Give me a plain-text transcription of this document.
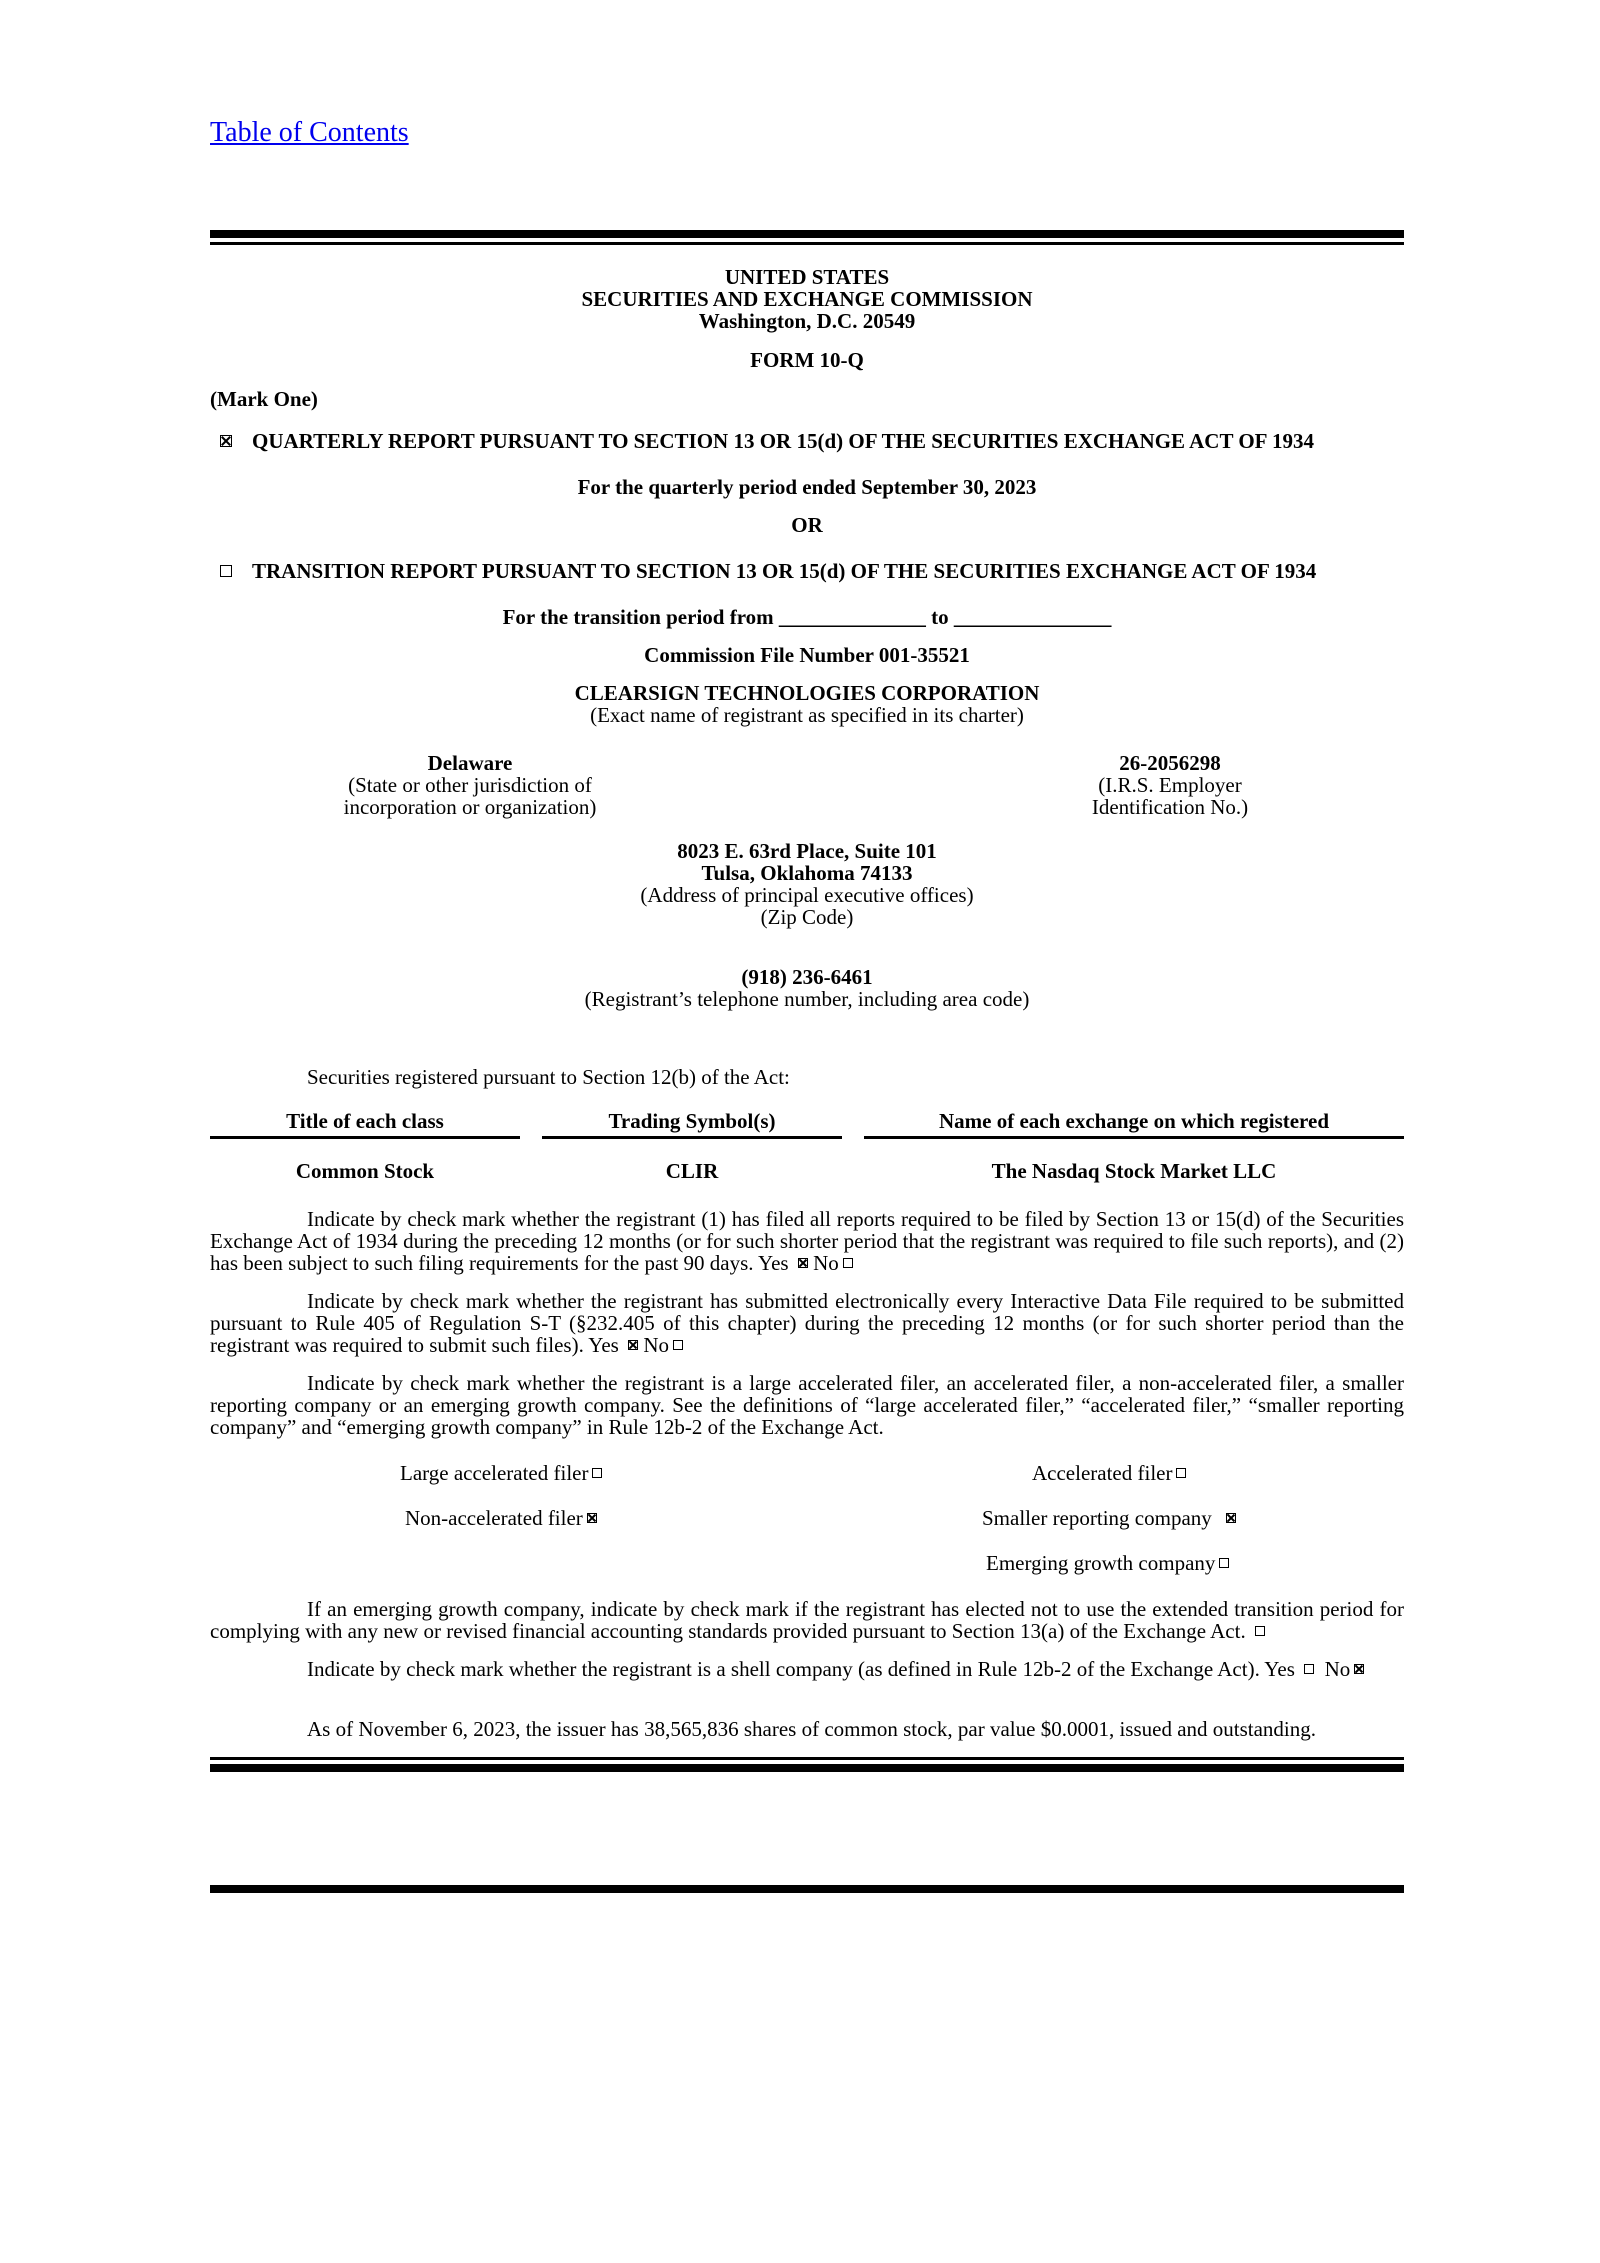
Table of Contents
UNITED STATES
SECURITIES AND EXCHANGE COMMISSION
Washington, D.C. 20549
FORM 10-Q
(Mark One)
QUARTERLY REPORT PURSUANT TO SECTION 13 OR 15(d) OF THE SECURITIES EXCHANGE ACT OF 1934
For the quarterly period ended September 30, 2023
OR
TRANSITION REPORT PURSUANT TO SECTION 13 OR 15(d) OF THE SECURITIES EXCHANGE ACT OF 1934
For the transition period from ______________ to _______________
Commission File Number 001-35521
CLEARSIGN TECHNOLOGIES CORPORATION
(Exact name of registrant as specified in its charter)
Delaware
(State or other jurisdiction of
incorporation or organization)
26-2056298
(I.R.S. Employer
Identification No.)
8023 E. 63rd Place, Suite 101
Tulsa, Oklahoma 74133
(Address of principal executive offices)
(Zip Code)
(918) 236-6461
(Registrant’s telephone number, including area code)
Securities registered pursuant to Section 12(b) of the Act:
Title of each class	Trading Symbol(s)	Name of each exchange on which registered
Common Stock	CLIR	The Nasdaq Stock Market LLC
Indicate by check mark whether the registrant (1) has filed all reports required to be filed by Section 13 or 15(d) of the Securities Exchange Act of 1934 during the preceding 12 months (or for such shorter period that the registrant was required to file such reports), and (2) has been subject to such filing requirements for the past 90 days. Yes No
Indicate by check mark whether the registrant has submitted electronically every Interactive Data File required to be submitted pursuant to Rule 405 of Regulation S-T (§232.405 of this chapter) during the preceding 12 months (or for such shorter period than the registrant was required to submit such files). Yes No
Indicate by check mark whether the registrant is a large accelerated filer, an accelerated filer, a non-accelerated filer, a smaller reporting company or an emerging growth company. See the definitions of “large accelerated filer,” “accelerated filer,” “smaller reporting company” and “emerging growth company” in Rule 12b-2 of the Exchange Act.
Large accelerated filer	Accelerated filer
Non-accelerated filer	Smaller reporting company
Emerging growth company
If an emerging growth company, indicate by check mark if the registrant has elected not to use the extended transition period for complying with any new or revised financial accounting standards provided pursuant to Section 13(a) of the Exchange Act.
Indicate by check mark whether the registrant is a shell company (as defined in Rule 12b-2 of the Exchange Act). Yes No
As of November 6, 2023, the issuer has 38,565,836 shares of common stock, par value $0.0001, issued and outstanding.
